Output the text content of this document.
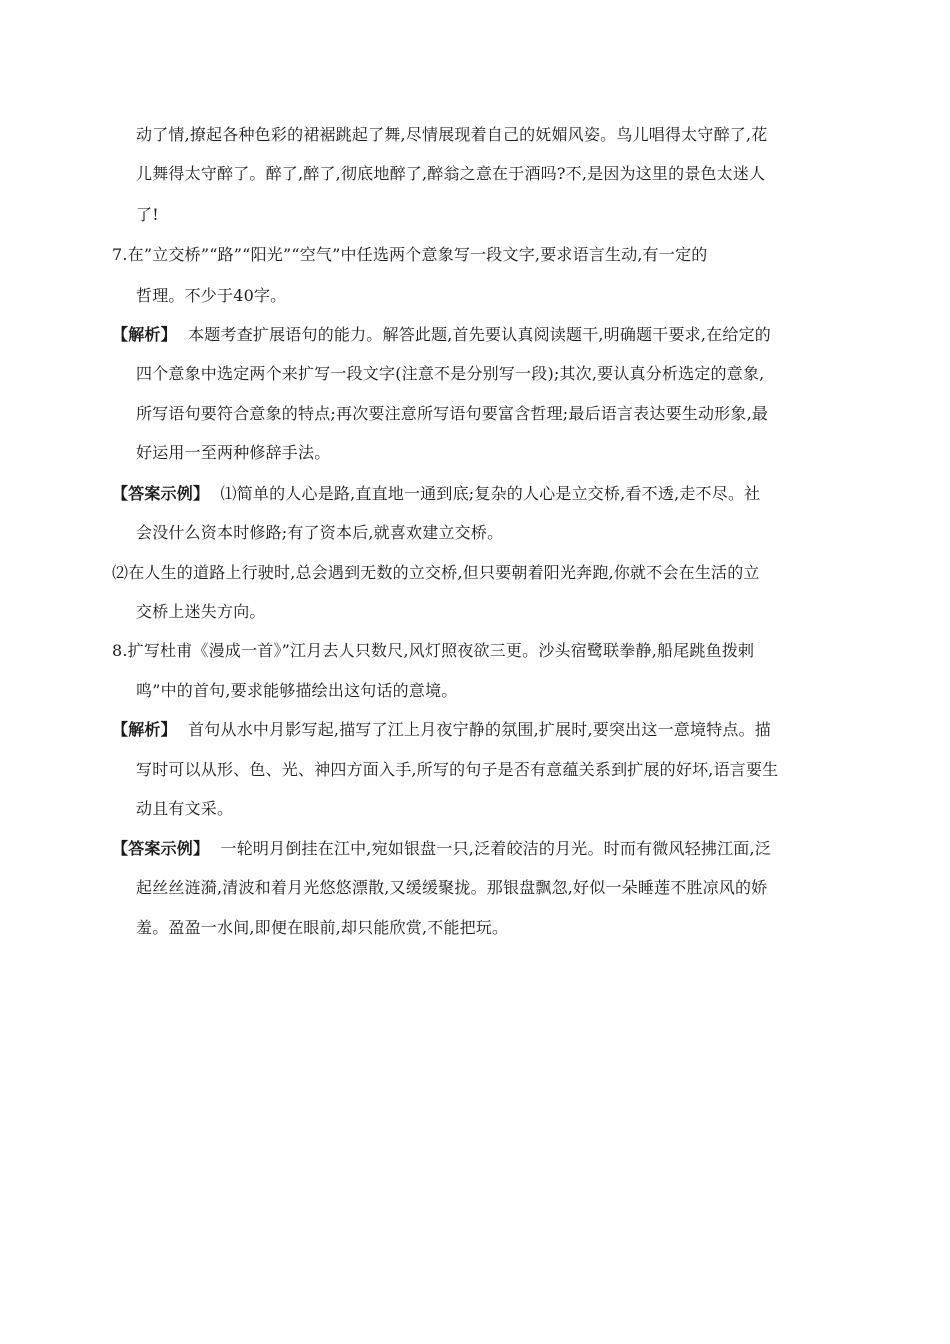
动了情,撩起各种色彩的裙裾跳起了舞,尽情展现着自己的妩媚风姿。鸟儿唱得太守醉了,花
儿舞得太守醉了。醉了,醉了,彻底地醉了,醉翁之意在于酒吗?不,是因为这里的景色太迷人
了!
7.在”立交桥”“路”“阳光”“空气”中任选两个意象写一段文字,要求语言生动,有一定的
哲理。不少于40字。
【解析】 本题考查扩展语句的能力。解答此题,首先要认真阅读题干,明确题干要求,在给定的
四个意象中选定两个来扩写一段文字(注意不是分别写一段);其次,要认真分析选定的意象,
所写语句要符合意象的特点;再次要注意所写语句要富含哲理;最后语言表达要生动形象,最
好运用一至两种修辞手法。
【答案示例】 ⑴简单的人心是路,直直地一通到底;复杂的人心是立交桥,看不透,走不尽。社
会没什么资本时修路;有了资本后,就喜欢建立交桥。
⑵在人生的道路上行驶时,总会遇到无数的立交桥,但只要朝着阳光奔跑,你就不会在生活的立
交桥上迷失方向。
8.扩写杜甫《漫成一首》”江月去人只数尺,风灯照夜欲三更。沙头宿鹭联拳静,船尾跳鱼拨剌
鸣”中的首句,要求能够描绘出这句话的意境。
【解析】 首句从水中月影写起,描写了江上月夜宁静的氛围,扩展时,要突出这一意境特点。描
写时可以从形、色、光、神四方面入手,所写的句子是否有意蕴关系到扩展的好坏,语言要生
动且有文采。
【答案示例】 一轮明月倒挂在江中,宛如银盘一只,泛着皎洁的月光。时而有微风轻拂江面,泛
起丝丝涟漪,清波和着月光悠悠漂散,又缓缓聚拢。那银盘飘忽,好似一朵睡莲不胜凉风的娇
羞。盈盈一水间,即便在眼前,却只能欣赏,不能把玩。
